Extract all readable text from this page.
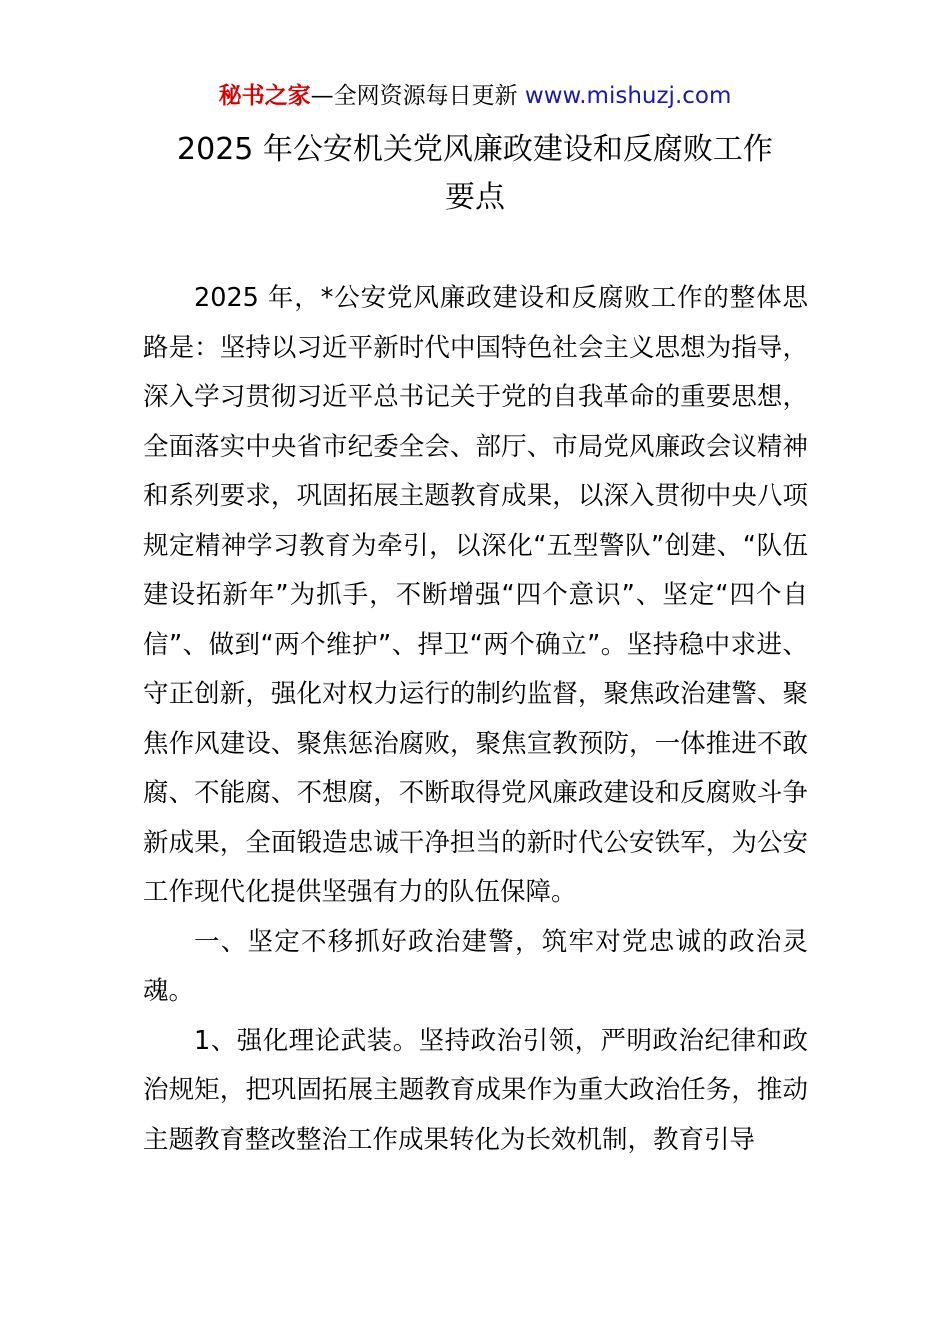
秘书之家—全网资源每日更新 www.mishuzj.com
2025 年公安机关党风廉政建设和反腐败工作
要点

2025 年，*公安党风廉政建设和反腐败工作的整体思路是：坚持以习近平新时代中国特色社会主义思想为指导，深入学习贯彻习近平总书记关于党的自我革命的重要思想，全面落实中央省市纪委全会、部厅、市局党风廉政会议精神和系列要求，巩固拓展主题教育成果，以深入贯彻中央八项规定精神学习教育为牵引，以深化“五型警队”创建、“队伍建设拓新年”为抓手，不断增强“四个意识”、坚定“四个自信”、做到“两个维护”、捍卫“两个确立”。坚持稳中求进、守正创新，强化对权力运行的制约监督，聚焦政治建警、聚焦作风建设、聚焦惩治腐败，聚焦宣教预防，一体推进不敢腐、不能腐、不想腐，不断取得党风廉政建设和反腐败斗争新成果，全面锻造忠诚干净担当的新时代公安铁军，为公安工作现代化提供坚强有力的队伍保障。

一、坚定不移抓好政治建警，筑牢对党忠诚的政治灵魂。

1、强化理论武装。坚持政治引领，严明政治纪律和政治规矩，把巩固拓展主题教育成果作为重大政治任务，推动主题教育整改整治工作成果转化为长效机制，教育引导
